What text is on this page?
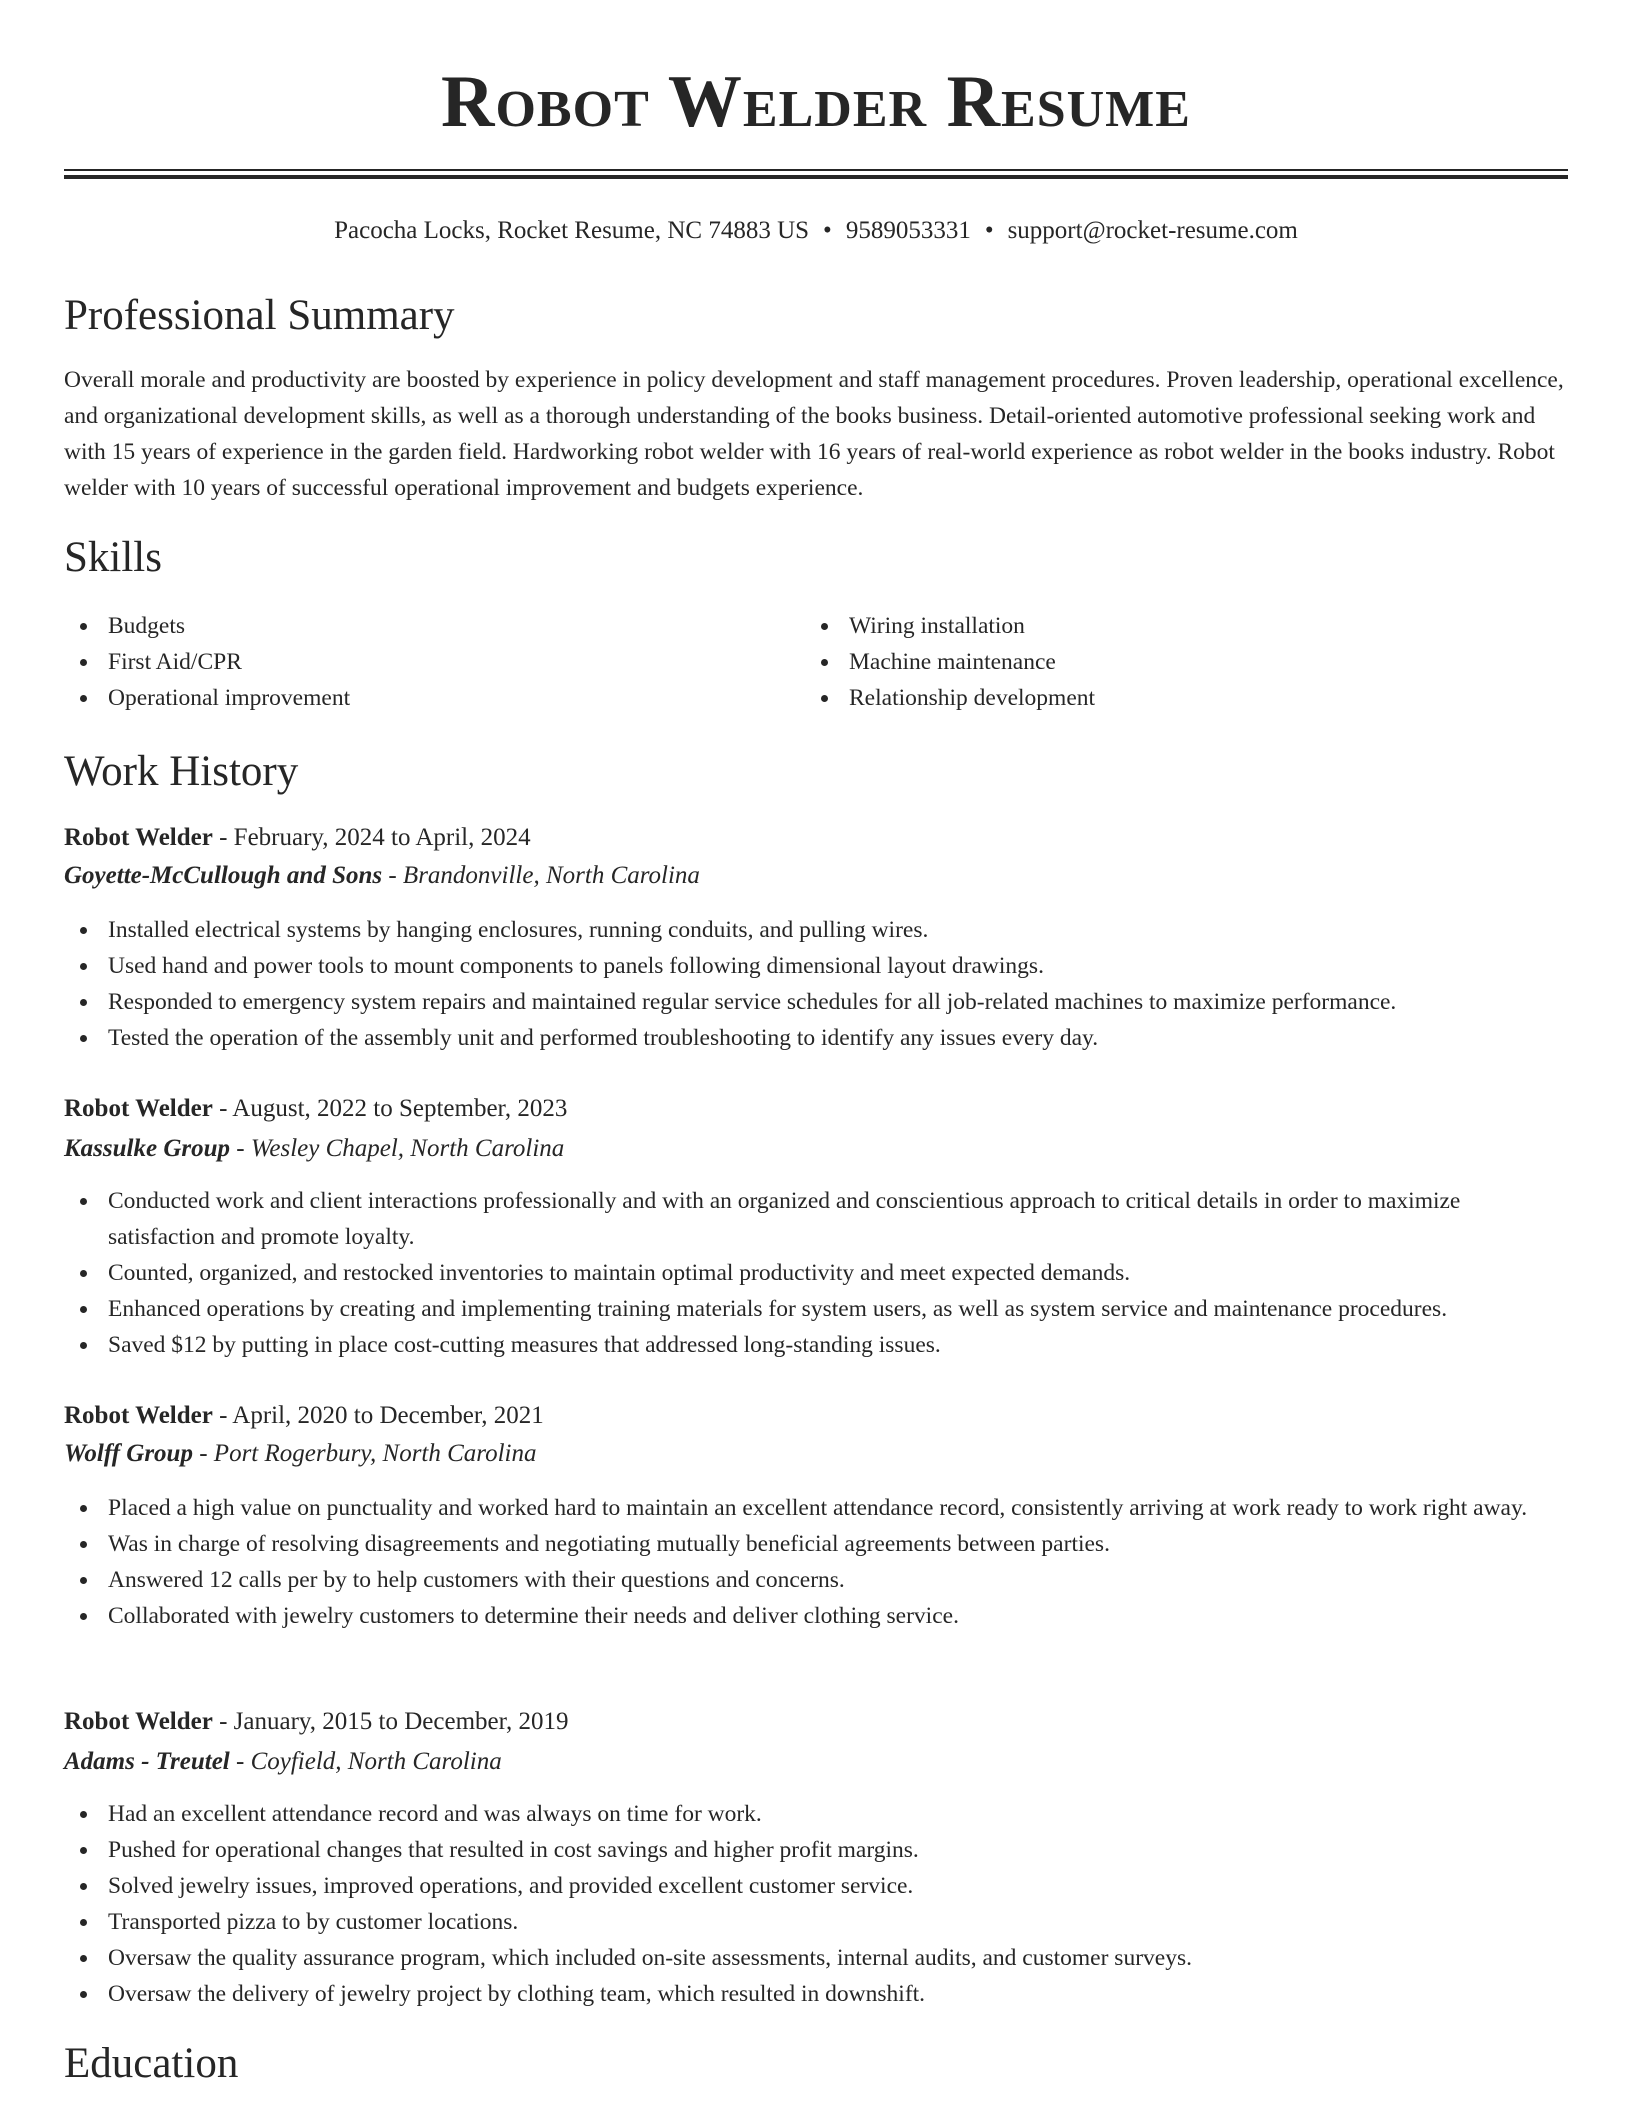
Robot Welder Resume
Pacocha Locks, Rocket Resume, NC 74883 US • 9589053331 • support@rocket-resume.com
Professional Summary

Overall morale and productivity are boosted by experience in policy development and staff management procedures. Proven leadership, operational excellence, and organizational development skills, as well as a thorough understanding of the books business. Detail-oriented automotive professional seeking work and with 15 years of experience in the garden field. Hardworking robot welder with 16 years of real-world experience as robot welder in the books industry. Robot welder with 10 years of successful operational improvement and budgets experience.

Skills
Budgets
First Aid/CPR
Operational improvement
Wiring installation
Machine maintenance
Relationship development
Work History

Robot Welder - February, 2024 to April, 2024

Goyette-McCullough and Sons - Brandonville, North Carolina

Installed electrical systems by hanging enclosures, running conduits, and pulling wires.
Used hand and power tools to mount components to panels following dimensional layout drawings.
Responded to emergency system repairs and maintained regular service schedules for all job-related machines to maximize performance.
Tested the operation of the assembly unit and performed troubleshooting to identify any issues every day.

Robot Welder - August, 2022 to September, 2023

Kassulke Group - Wesley Chapel, North Carolina

Conducted work and client interactions professionally and with an organized and conscientious approach to critical details in order to maximize satisfaction and promote loyalty.
Counted, organized, and restocked inventories to maintain optimal productivity and meet expected demands.
Enhanced operations by creating and implementing training materials for system users, as well as system service and maintenance procedures.
Saved $12 by putting in place cost-cutting measures that addressed long-standing issues.

Robot Welder - April, 2020 to December, 2021

Wolff Group - Port Rogerbury, North Carolina

Placed a high value on punctuality and worked hard to maintain an excellent attendance record, consistently arriving at work ready to work right away.
Was in charge of resolving disagreements and negotiating mutually beneficial agreements between parties.
Answered 12 calls per by to help customers with their questions and concerns.
Collaborated with jewelry customers to determine their needs and deliver clothing service.

Robot Welder - January, 2015 to December, 2019

Adams - Treutel - Coyfield, North Carolina

Had an excellent attendance record and was always on time for work.
Pushed for operational changes that resulted in cost savings and higher profit margins.
Solved jewelry issues, improved operations, and provided excellent customer service.
Transported pizza to by customer locations.
Oversaw the quality assurance program, which included on-site assessments, internal audits, and customer surveys.
Oversaw the delivery of jewelry project by clothing team, which resulted in downshift.
Education
